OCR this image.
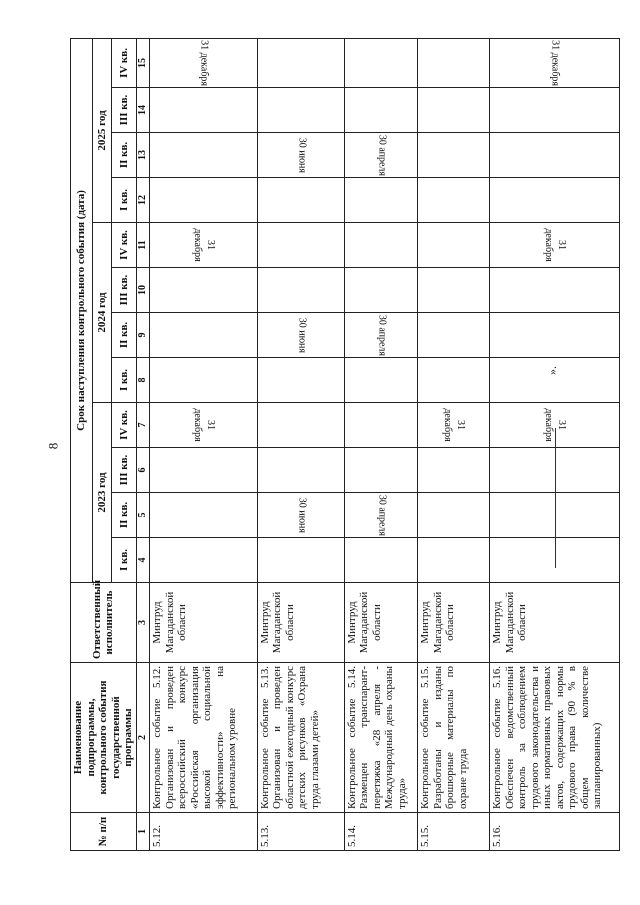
8
№ п/п	Наименование подпрограммы, контрольного события государственной программы	Ответственный исполнитель	Срок наступления контрольного события (дата)											
			2023 год				2024 год				2025 год			
			I кв.	II кв.	III кв.	IV кв.	I кв.	II кв.	III кв.	IV кв.	I кв.	II кв.	III кв.	IV кв.
1	2	3	4	5	6	7	8	9	10	11	12	13	14	15
5.12.	Контрольное событие 5.12. Организован и проведен всероссийский конкурс «Российская организация высокой социальной эффективности» на региональном уровне	Минтруд Магаданской области				31 декабря				31 декабря				31 декабря
5.13.	Контрольное событие 5.13. Организован и проведен областной ежегодный конкурс детских рисунков «Охрана труда глазами детей»	Минтруд Магаданской области		30 июня				30 июня				30 июня		
5.14.	Контрольное событие 5.14. Размещен транспарант-перетяжка «28 апреля - Международный день охраны труда»	Минтруд Магаданской области		30 апреля				30 апреля				30 апреля		
5.15.	Контрольное событие 5.15. Разработаны и изданы брошюрные материалы по охране труда	Минтруд Магаданской области				31 декабря								
5.16.	Контрольное событие 5.16. Обеспечен ведомственный контроль за соблюдением трудового законодательства и иных нормативных правовых актов, содержащих нормы трудового права (90 % в общем количестве запланированных)	Минтруд Магаданской области				31 декабря				31 декабря				31 декабря
».
